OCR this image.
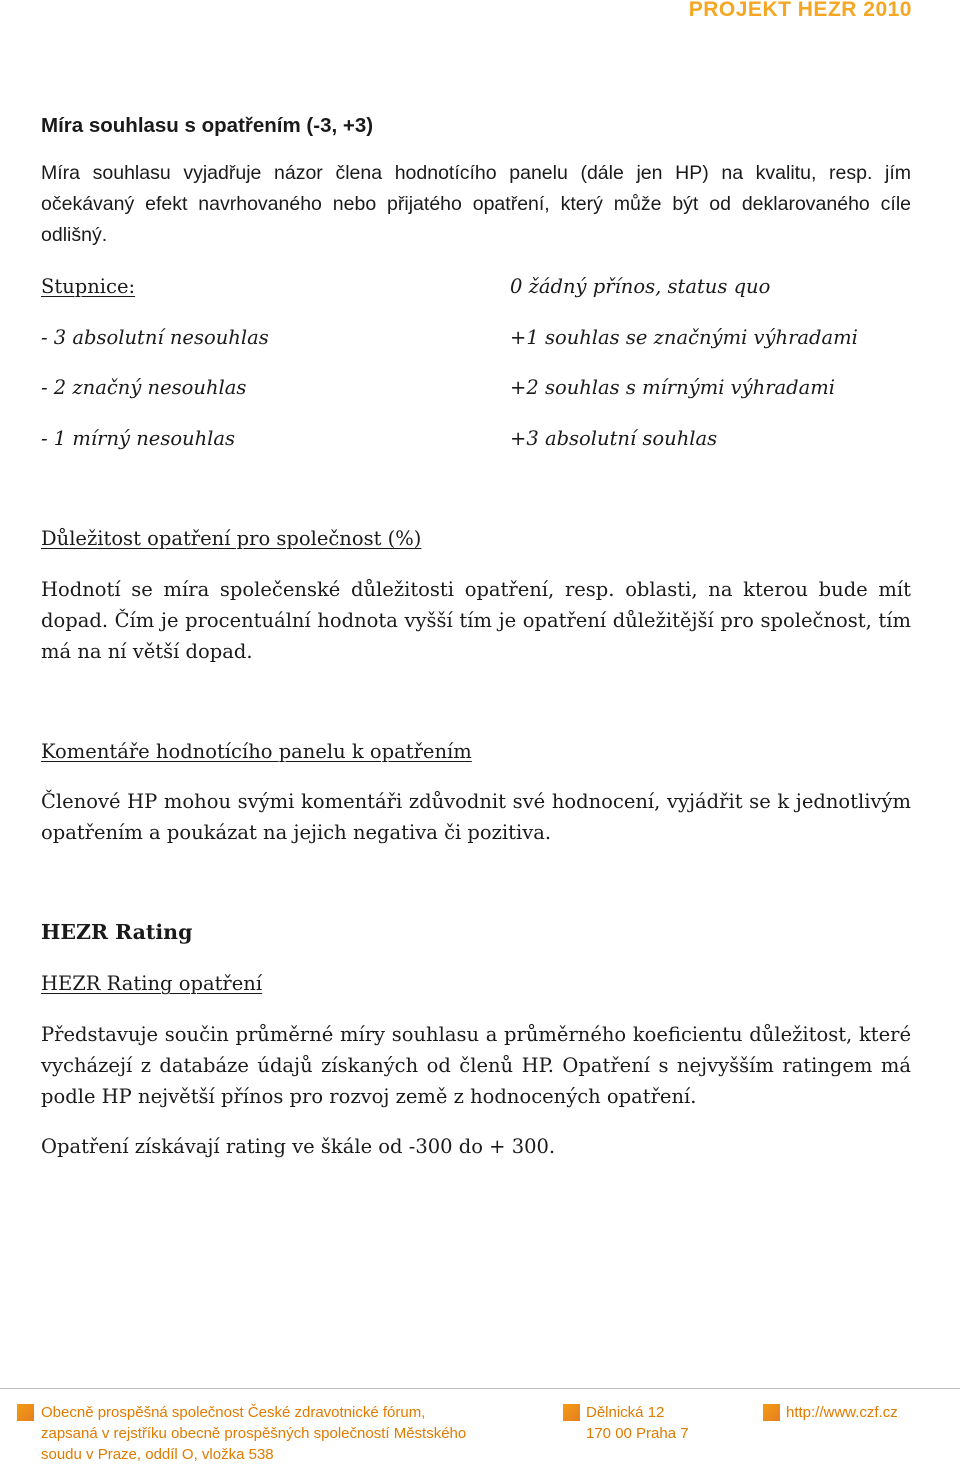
PROJEKT HEZR 2010
Míra souhlasu s opatřením (-3, +3)
Míra souhlasu vyjadřuje názor člena hodnotícího panelu (dále jen HP) na kvalitu, resp. jím očekávaný efekt navrhovaného nebo přijatého opatření, který může být od deklarovaného cíle odlišný.
Stupnice:
- 3 absolutní nesouhlas
- 2 značný nesouhlas
- 1 mírný nesouhlas
0 žádný přínos, status quo
+1 souhlas se značnými výhradami
+2 souhlas s mírnými výhradami
+3 absolutní souhlas
Důležitost opatření pro společnost (%)
Hodnotí se míra společenské důležitosti opatření, resp. oblasti, na kterou bude mít dopad. Čím je procentuální hodnota vyšší tím je opatření důležitější pro společnost, tím má na ní větší dopad.
Komentáře hodnotícího panelu k opatřením
Členové HP mohou svými komentáři zdůvodnit své hodnocení, vyjádřit se k jednotlivým opatřením a poukázat na jejich negativa či pozitiva.
HEZR Rating
HEZR Rating opatření
Představuje součin průměrné míry souhlasu a průměrného koeficientu důležitost, které vycházejí z databáze údajů získaných od členů HP. Opatření s nejvyšším ratingem má podle HP největší přínos pro rozvoj země z hodnocených opatření.
Opatření získávají rating ve škále od -300 do + 300.
Obecně prospěšná společnost České zdravotnické fórum,
zapsaná v rejstříku obecně prospěšných společností Městského
soudu v Praze, oddíl O, vložka 538
Dělnická 12
170 00 Praha 7
http://www.czf.cz
